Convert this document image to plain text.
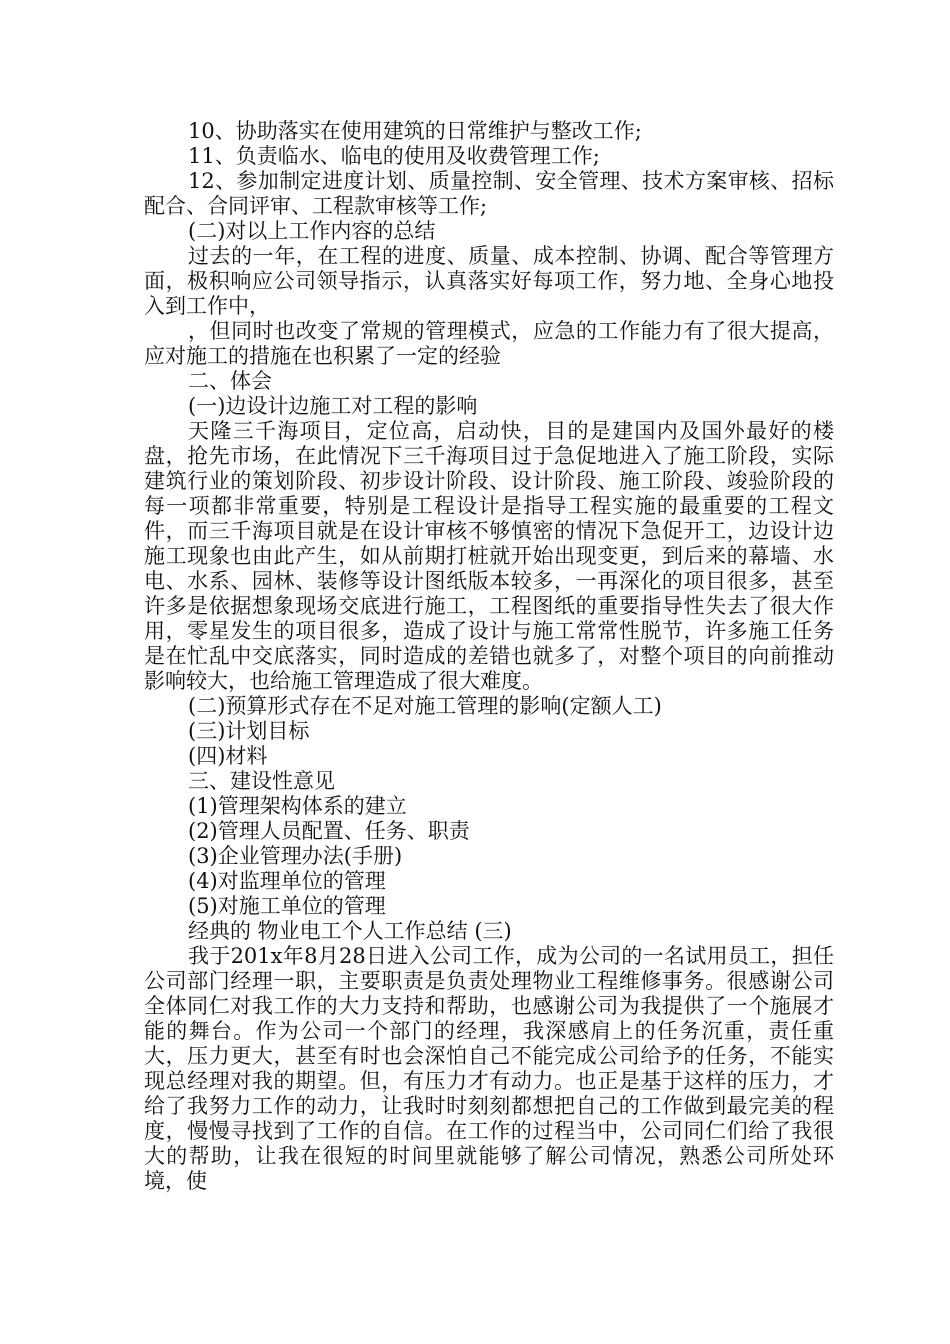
10、协助落实在使用建筑的日常维护与整改工作;

11、负责临水、临电的使用及收费管理工作;

12、参加制定进度计划、质量控制、安全管理、技术方案审核、招标配合、合同评审、工程款审核等工作;

(二)对以上工作内容的总结

过去的一年，在工程的进度、质量、成本控制、协调、配合等管理方面，极积响应公司领导指示，认真落实好每项工作，努力地、全身心地投入到工作中，

，但同时也改变了常规的管理模式，应急的工作能力有了很大提高，应对施工的措施在也积累了一定的经验

二、体会

(一)边设计边施工对工程的影响

天隆三千海项目，定位高，启动快，目的是建国内及国外最好的楼盘，抢先市场，在此情况下三千海项目过于急促地进入了施工阶段，实际建筑行业的策划阶段、初步设计阶段、设计阶段、施工阶段、竣验阶段的每一项都非常重要，特别是工程设计是指导工程实施的最重要的工程文件，而三千海项目就是在设计审核不够慎密的情况下急促开工，边设计边施工现象也由此产生，如从前期打桩就开始出现变更，到后来的幕墙、水电、水系、园林、装修等设计图纸版本较多，一再深化的项目很多，甚至许多是依据想象现场交底进行施工，工程图纸的重要指导性失去了很大作用，零星发生的项目很多，造成了设计与施工常常性脱节，许多施工任务是在忙乱中交底落实，同时造成的差错也就多了，对整个项目的向前推动影响较大，也给施工管理造成了很大难度。

(二)预算形式存在不足对施工管理的影响(定额人工)

(三)计划目标

(四)材料

三、建设性意见

(1)管理架构体系的建立

(2)管理人员配置、任务、职责

(3)企业管理办法(手册)

(4)对监理单位的管理

(5)对施工单位的管理

经典的 物业电工个人工作总结 (三)

我于201x年8月28日进入公司工作，成为公司的一名试用员工，担任公司部门经理一职，主要职责是负责处理物业工程维修事务。很感谢公司全体同仁对我工作的大力支持和帮助，也感谢公司为我提供了一个施展才能的舞台。作为公司一个部门的经理，我深感肩上的任务沉重，责任重大，压力更大，甚至有时也会深怕自己不能完成公司给予的任务，不能实现总经理对我的期望。但，有压力才有动力。也正是基于这样的压力，才给了我努力工作的动力，让我时时刻刻都想把自己的工作做到最完美的程度，慢慢寻找到了工作的自信。在工作的过程当中，公司同仁们给了我很大的帮助，让我在很短的时间里就能够了解公司情况，熟悉公司所处环境，使
